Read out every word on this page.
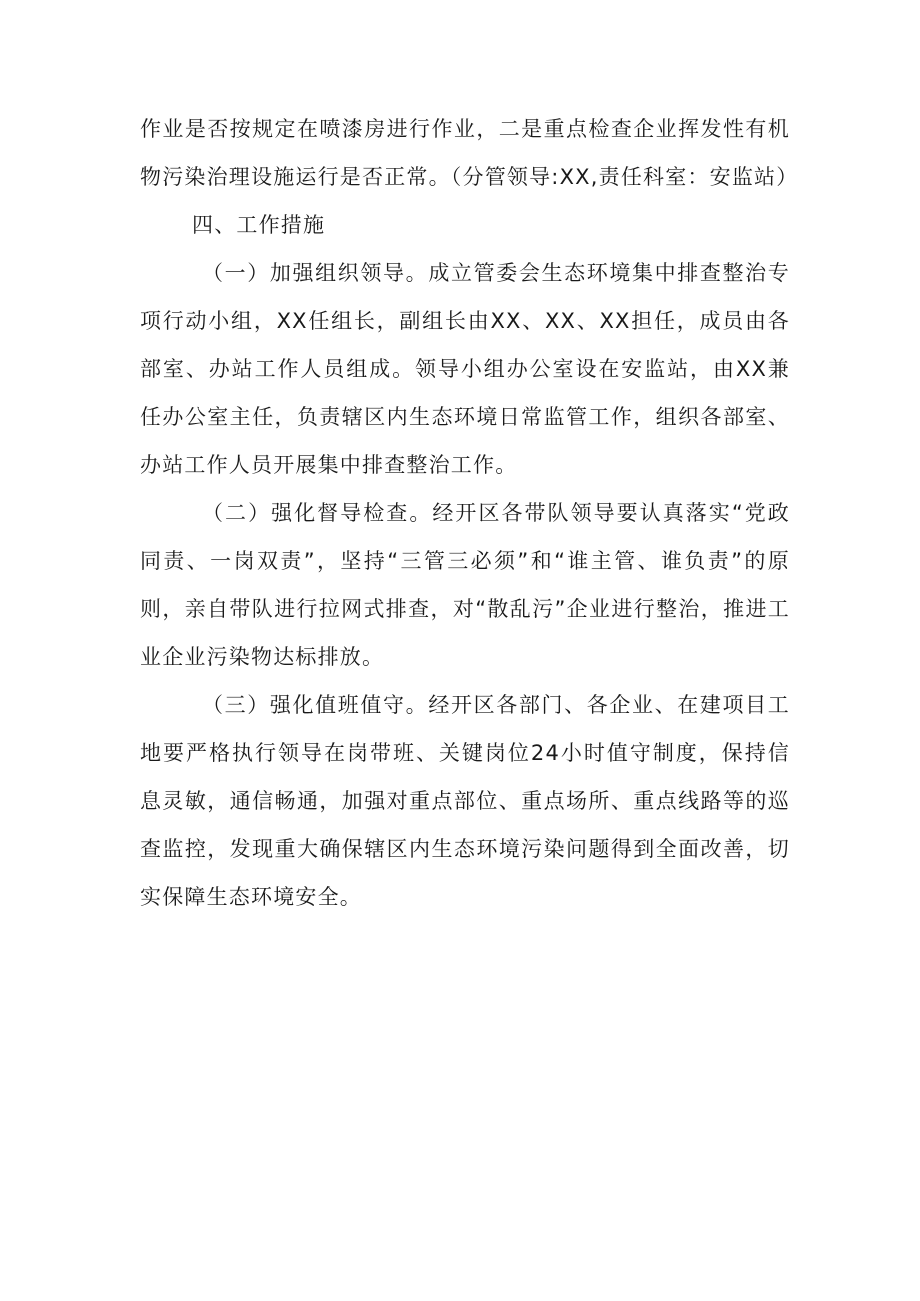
作业是否按规定在喷漆房进行作业，二是重点检查企业挥发性有机物污染治理设施运行是否正常。（分管领导:XX,责任科室：安监站）

四、工作措施

（一）加强组织领导。成立管委会生态环境集中排查整治专项行动小组，XX任组长，副组长由XX、XX、XX担任，成员由各部室、办站工作人员组成。领导小组办公室设在安监站，由XX兼任办公室主任，负责辖区内生态环境日常监管工作，组织各部室、办站工作人员开展集中排查整治工作。

（二）强化督导检查。经开区各带队领导要认真落实“党政同责、一岗双责”，坚持“三管三必须”和“谁主管、谁负责”的原则，亲自带队进行拉网式排查，对“散乱污”企业进行整治，推进工业企业污染物达标排放。

（三）强化值班值守。经开区各部门、各企业、在建项目工地要严格执行领导在岗带班、关键岗位24小时值守制度，保持信息灵敏，通信畅通，加强对重点部位、重点场所、重点线路等的巡查监控，发现重大确保辖区内生态环境污染问题得到全面改善，切实保障生态环境安全。
